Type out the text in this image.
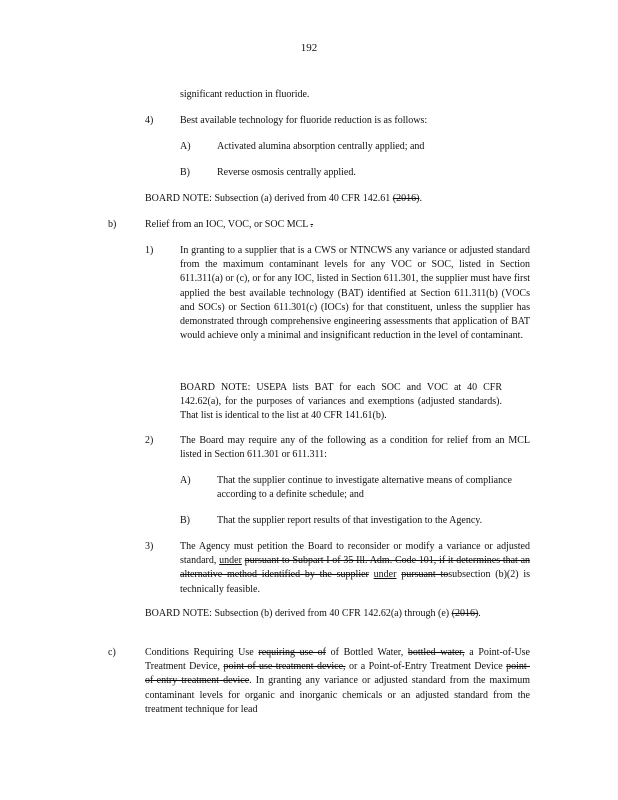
192
significant reduction in fluoride.
4)	Best available technology for fluoride reduction is as follows:
A)	Activated alumina absorption centrally applied; and
B)	Reverse osmosis centrally applied.
BOARD NOTE: Subsection (a) derived from 40 CFR 142.61 (2016).
b)	Relief from an IOC, VOC, or SOC MCL .
1)	In granting to a supplier that is a CWS or NTNCWS any variance or adjusted standard from the maximum contaminant levels for any VOC or SOC, listed in Section 611.311(a) or (c), or for any IOC, listed in Section 611.301, the supplier must have first applied the best available technology (BAT) identified at Section 611.311(b) (VOCs and SOCs) or Section 611.301(c) (IOCs) for that constituent, unless the supplier has demonstrated through comprehensive engineering assessments that application of BAT would achieve only a minimal and insignificant reduction in the level of contaminant.
BOARD NOTE: USEPA lists BAT for each SOC and VOC at 40 CFR 142.62(a), for the purposes of variances and exemptions (adjusted standards). That list is identical to the list at 40 CFR 141.61(b).
2)	The Board may require any of the following as a condition for relief from an MCL listed in Section 611.301 or 611.311:
A)	That the supplier continue to investigate alternative means of compliance according to a definite schedule; and
B)	That the supplier report results of that investigation to the Agency.
3)	The Agency must petition the Board to reconsider or modify a variance or adjusted standard, under pursuant to Subpart I of 35 Ill. Adm. Code 101, if it determines that an alternative method identified by the supplier under pursuant tosubsection (b)(2) is technically feasible.
BOARD NOTE: Subsection (b) derived from 40 CFR 142.62(a) through (e) (2016).
c)	Conditions Requiring Use requiring use of of Bottled Water, bottled water, a Point-of-Use Treatment Device, point-of-use treatment device, or a Point-of-Entry Treatment Device point-of-entry treatment device. In granting any variance or adjusted standard from the maximum contaminant levels for organic and inorganic chemicals or an adjusted standard from the treatment technique for lead
